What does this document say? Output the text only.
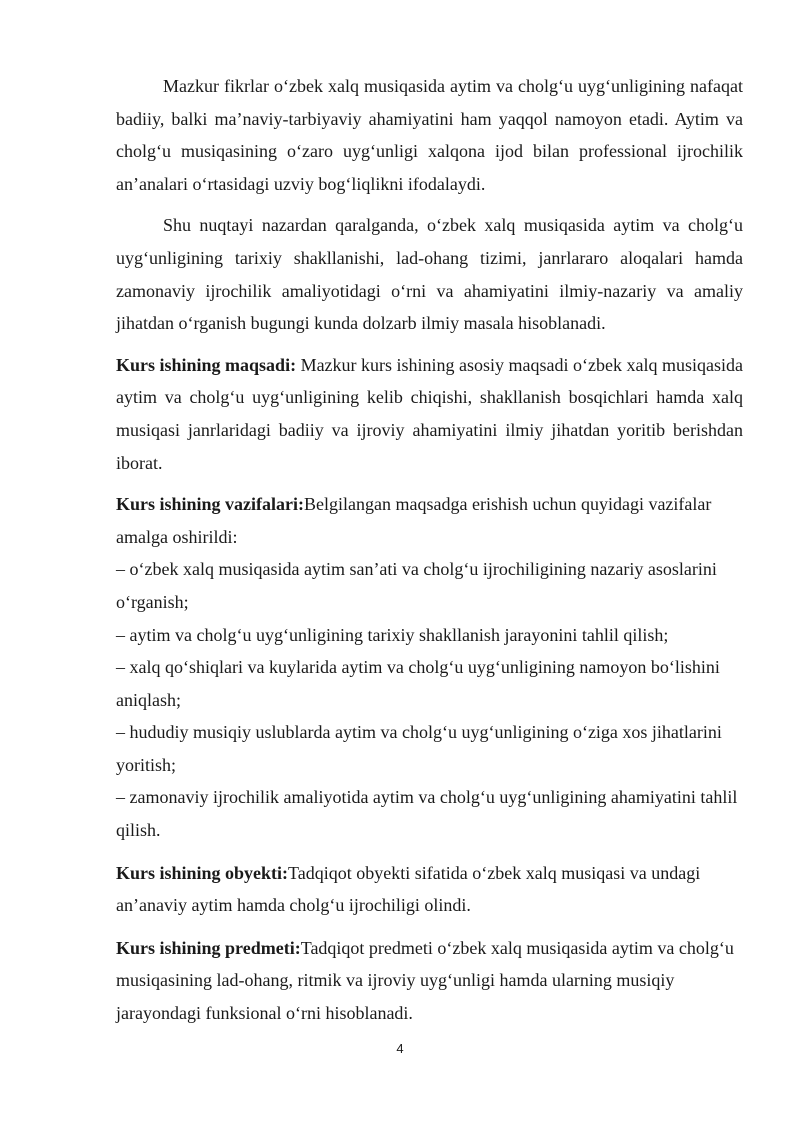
Mazkur fikrlar o‘zbek xalq musiqasida aytim va cholg‘u uyg‘unligining nafaqat badiiy, balki ma’naviy-tarbiyaviy ahamiyatini ham yaqqol namoyon etadi. Aytim va cholg‘u musiqasining o‘zaro uyg‘unligi xalqona ijod bilan professional ijrochilik an’analari o‘rtasidagi uzviy bog‘liqlikni ifodalaydi.

Shu nuqtayi nazardan qaralganda, o‘zbek xalq musiqasida aytim va cholg‘u uyg‘unligining tarixiy shakllanishi, lad-ohang tizimi, janrlararo aloqalari hamda zamonaviy ijrochilik amaliyotidagi o‘rni va ahamiyatini ilmiy-nazariy va amaliy jihatdan o‘rganish bugungi kunda dolzarb ilmiy masala hisoblanadi.

Kurs ishining maqsadi: Mazkur kurs ishining asosiy maqsadi o‘zbek xalq musiqasida aytim va cholg‘u uyg‘unligining kelib chiqishi, shakllanish bosqichlari hamda xalq musiqasi janrlaridagi badiiy va ijroviy ahamiyatini ilmiy jihatdan yoritib berishdan iborat.

Kurs ishining vazifalari:Belgilangan maqsadga erishish uchun quyidagi vazifalar amalga oshirildi:
– o‘zbek xalq musiqasida aytim san’ati va cholg‘u ijrochiligining nazariy asoslarini o‘rganish;
– aytim va cholg‘u uyg‘unligining tarixiy shakllanish jarayonini tahlil qilish;
– xalq qo‘shiqlari va kuylarida aytim va cholg‘u uyg‘unligining namoyon bo‘lishini aniqlash;
– hududiy musiqiy uslublarda aytim va cholg‘u uyg‘unligining o‘ziga xos jihatlarini yoritish;
– zamonaviy ijrochilik amaliyotida aytim va cholg‘u uyg‘unligining ahamiyatini tahlil qilish.

Kurs ishining obyekti:Tadqiqot obyekti sifatida o‘zbek xalq musiqasi va undagi an’anaviy aytim hamda cholg‘u ijrochiligi olindi.

Kurs ishining predmeti:Tadqiqot predmeti o‘zbek xalq musiqasida aytim va cholg‘u musiqasining lad-ohang, ritmik va ijroviy uyg‘unligi hamda ularning musiqiy jarayondagi funksional o‘rni hisoblanadi.

4
